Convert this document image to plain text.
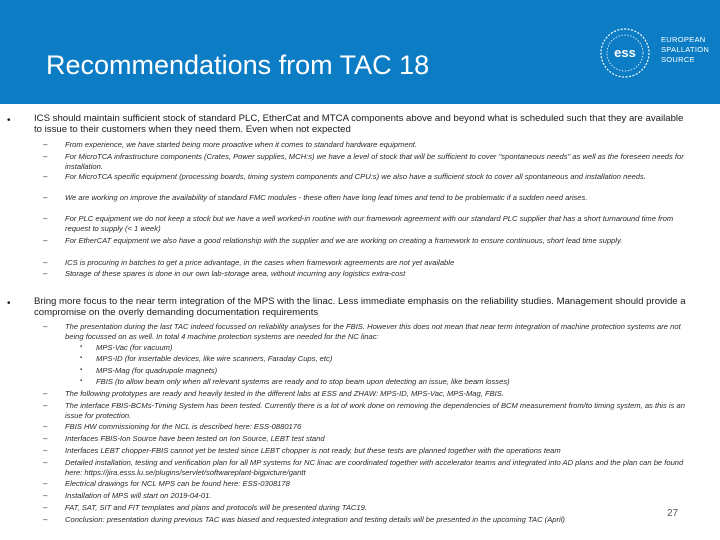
Recommendations from TAC 18	ess
EUROPEAN
SPALLATION
SOURCE
• ICS should maintain sufficient stock of standard PLC, EtherCat and MTCA components above and beyond what is scheduled such that they are available to issue to their customers when they need them. Even when not expected
– From experience, we have started being more proactive when it comes to standard hardware equipment.
– For MicroTCA infrastructure components (Crates, Power supplies, MCH:s) we have a level of stock that will be sufficient to cover "spontaneous needs" as well as the foreseen needs for installation.
– For MicroTCA specific equipment (processing boards, timing system components and CPU:s) we also have a sufficient stock to cover all spontaneous and installation needs.
– We are working on improve the availability of standard FMC modules - these often have long lead times and tend to be problematic if a sudden need arises.
– For PLC equipment we do not keep a stock but we have a well worked-in routine with our framework agreement with our standard PLC supplier that has a short turnaround time from request to supply (< 1 week)
– For EtherCAT equipment we also have a good relationship with the supplier and we are working on creating a framework to ensure continuous, short lead time supply.
– ICS is procuring in batches to get a price advantage, in the cases when framework agreements are not yet available
– Storage of these spares is done in our own lab-storage area, without incurring any logistics extra-cost
• Bring more focus to the near term integration of the MPS with the linac. Less immediate emphasis on the reliability studies. Management should provide a compromise on the overly demanding documentation requirements
– The presentation during the last TAC indeed focussed on reliability analyses for the FBIS. However this does not mean that near term integration of machine protection systems are not being focussed on as well. In total 4 machine protection systems are needed for the NC linac:
▪ MPS-Vac (for vacuum)
▪ MPS-ID (for insertable devices, like wire scanners, Faraday Cups, etc)
▪ MPS-Mag (for quadrupole magnets)
▪ FBIS (to allow beam only when all relevant systems are ready and to stop beam upon detecting an issue, like beam losses)
– The following prototypes are ready and heavily tested in the different labs at ESS and ZHAW: MPS-ID, MPS-Vac, MPS-Mag, FBIS.
– The interface FBIS-BCMs-Timing System has been tested. Currently there is a lot of work done on removing the dependencies of BCM measurement from/to timing system, as this is an issue for protection.
– FBIS HW commissioning for the NCL is described here: ESS-0880176
– Interfaces FBIS-Ion Source have been tested on Ion Source, LEBT test stand
– Interfaces LEBT chopper-FBIS cannot yet be tested since LEBT chopper is not ready, but these tests are planned together with the operations team
– Detailed installation, testing and verification plan for all MP systems for NC linac are coordinated together with accelerator teams and integrated into AD plans and the plan can be found here: https://jira.esss.lu.se/plugins/servlet/softwareplant-bigpicture/gantt
– Electrical drawings for NCL MPS can be found here: ESS-0308178
– Installation of MPS will start on 2019-04-01.
– FAT, SAT, SIT and FIT templates and plans and protocols will be presented during TAC19.
– Conclusion: presentation during previous TAC was biased and requested integration and testing details will be presented in the upcoming TAC (April)
27
